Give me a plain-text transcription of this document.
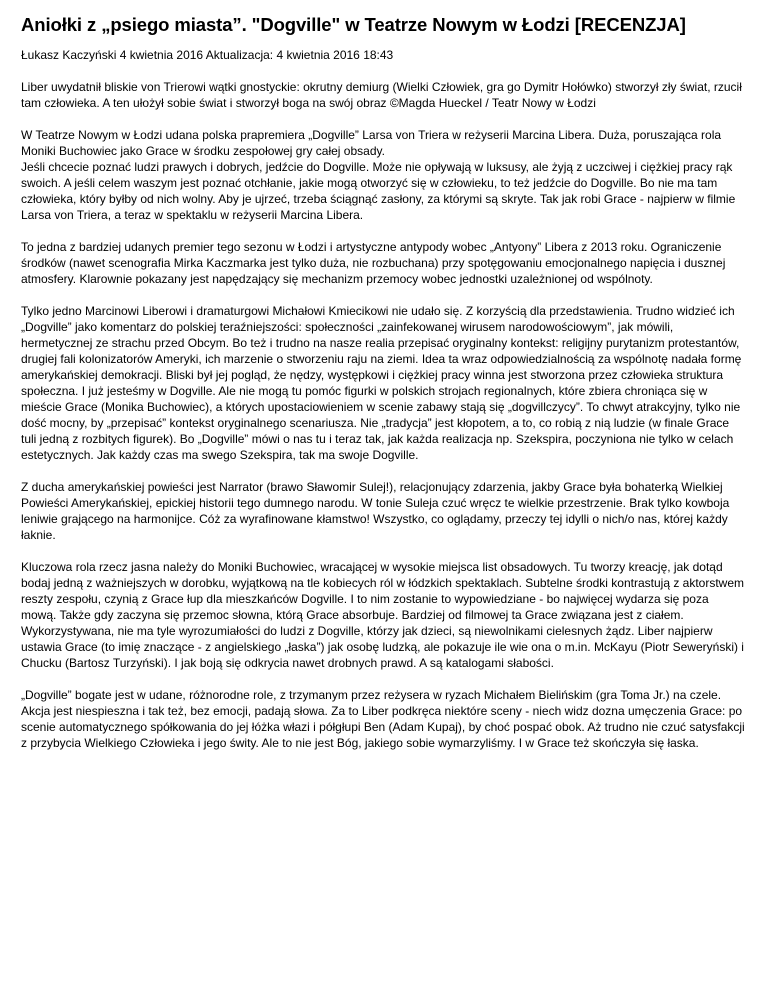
Aniołki z „psiego miasta”. "Dogville" w Teatrze Nowym w Łodzi [RECENZJA]
Łukasz Kaczyński 4 kwietnia 2016 Aktualizacja: 4 kwietnia 2016 18:43

Liber uwydatnił bliskie von Trierowi wątki gnostyckie: okrutny demiurg (Wielki Człowiek, gra go Dymitr Hołówko) stworzył zły świat, rzucił tam człowieka. A ten ułożył sobie świat i stworzył boga na swój obraz ©Magda Hueckel / Teatr Nowy w Łodzi

W Teatrze Nowym w Łodzi udana polska prapremiera „Dogville” Larsa von Triera w reżyserii Marcina Libera. Duża, poruszająca rola Moniki Buchowiec jako Grace w środku zespołowej gry całej obsady.
Jeśli chcecie poznać ludzi prawych i dobrych, jedźcie do Dogville. Może nie opływają w luksusy, ale żyją z uczciwej i ciężkiej pracy rąk swoich. A jeśli celem waszym jest poznać otchłanie, jakie mogą otworzyć się w człowieku, to też jedźcie do Dogville. Bo nie ma tam człowieka, który byłby od nich wolny. Aby je ujrzeć, trzeba ściągnąć zasłony, za którymi są skryte. Tak jak robi Grace - najpierw w filmie Larsa von Triera, a teraz w spektaklu w reżyserii Marcina Libera.

To jedna z bardziej udanych premier tego sezonu w Łodzi i artystyczne antypody wobec „Antyony” Libera z 2013 roku. Ograniczenie środków (nawet scenografia Mirka Kaczmarka jest tylko duża, nie rozbuchana) przy spotęgowaniu emocjonalnego napięcia i dusznej atmosfery. Klarownie pokazany jest napędzający się mechanizm przemocy wobec jednostki uzależnionej od wspólnoty.

Tylko jedno Marcinowi Liberowi i dramaturgowi Michałowi Kmiecikowi nie udało się. Z korzyścią dla przedstawienia. Trudno widzieć ich „Dogville” jako komentarz do polskiej teraźniejszości: społeczności „zainfekowanej wirusem narodowościowym”, jak mówili, hermetycznej ze strachu przed Obcym. Bo też i trudno na nasze realia przepisać oryginalny kontekst: religijny purytanizm protestantów, drugiej fali kolonizatorów Ameryki, ich marzenie o stworzeniu raju na ziemi. Idea ta wraz odpowiedzialnością za wspólnotę nadała formę amerykańskiej demokracji. Bliski był jej pogląd, że nędzy, występkowi i ciężkiej pracy winna jest stworzona przez człowieka struktura społeczna. I już jesteśmy w Dogville. Ale nie mogą tu pomóc figurki w polskich strojach regionalnych, które zbiera chroniąca się w mieście Grace (Monika Buchowiec), a których upostaciowieniem w scenie zabawy stają się „dogvillczycy”. To chwyt atrakcyjny, tylko nie dość mocny, by „przepisać” kontekst oryginalnego scenariusza. Nie „tradycja” jest kłopotem, a to, co robią z nią ludzie (w finale Grace tuli jedną z rozbitych figurek). Bo „Dogville” mówi o nas tu i teraz tak, jak każda realizacja np. Szekspira, poczyniona nie tylko w celach estetycznych. Jak każdy czas ma swego Szekspira, tak ma swoje Dogville.

Z ducha amerykańskiej powieści jest Narrator (brawo Sławomir Sulej!), relacjonujący zdarzenia, jakby Grace była bohaterką Wielkiej Powieści Amerykańskiej, epickiej historii tego dumnego narodu. W tonie Suleja czuć wręcz te wielkie przestrzenie. Brak tylko kowboja leniwie grającego na harmonijce. Cóż za wyrafinowane kłamstwo! Wszystko, co oglądamy, przeczy tej idylli o nich/o nas, której każdy łaknie.

Kluczowa rola rzecz jasna należy do Moniki Buchowiec, wracającej w wysokie miejsca list obsadowych. Tu tworzy kreację, jak dotąd bodaj jedną z ważniejszych w dorobku, wyjątkową na tle kobiecych ról w łódzkich spektaklach. Subtelne środki kontrastują z aktorstwem reszty zespołu, czynią z Grace łup dla mieszkańców Dogville. I to nim zostanie to wypowiedziane - bo najwięcej wydarza się poza mową. Także gdy zaczyna się przemoc słowna, którą Grace absorbuje. Bardziej od filmowej ta Grace związana jest z ciałem. Wykorzystywana, nie ma tyle wyrozumiałości do ludzi z Dogville, którzy jak dzieci, są niewolnikami cielesnych żądz. Liber najpierw ustawia Grace (to imię znaczące - z angielskiego „łaska”) jak osobę ludzką, ale pokazuje ile wie ona o m.in. McKayu (Piotr Seweryński) i Chucku (Bartosz Turzyński). I jak boją się odkrycia nawet drobnych prawd. A są katalogami słabości.

„Dogville” bogate jest w udane, różnorodne role, z trzymanym przez reżysera w ryzach Michałem Bielińskim (gra Toma Jr.) na czele. Akcja jest niespieszna i tak też, bez emocji, padają słowa. Za to Liber podkręca niektóre sceny - niech widz dozna umęczenia Grace: po scenie automatycznego spółkowania do jej łóżka włazi i półgłupi Ben (Adam Kupaj), by choć pospać obok. Aż trudno nie czuć satysfakcji z przybycia Wielkiego Człowieka i jego świty. Ale to nie jest Bóg, jakiego sobie wymarzyliśmy. I w Grace też skończyła się łaska.
